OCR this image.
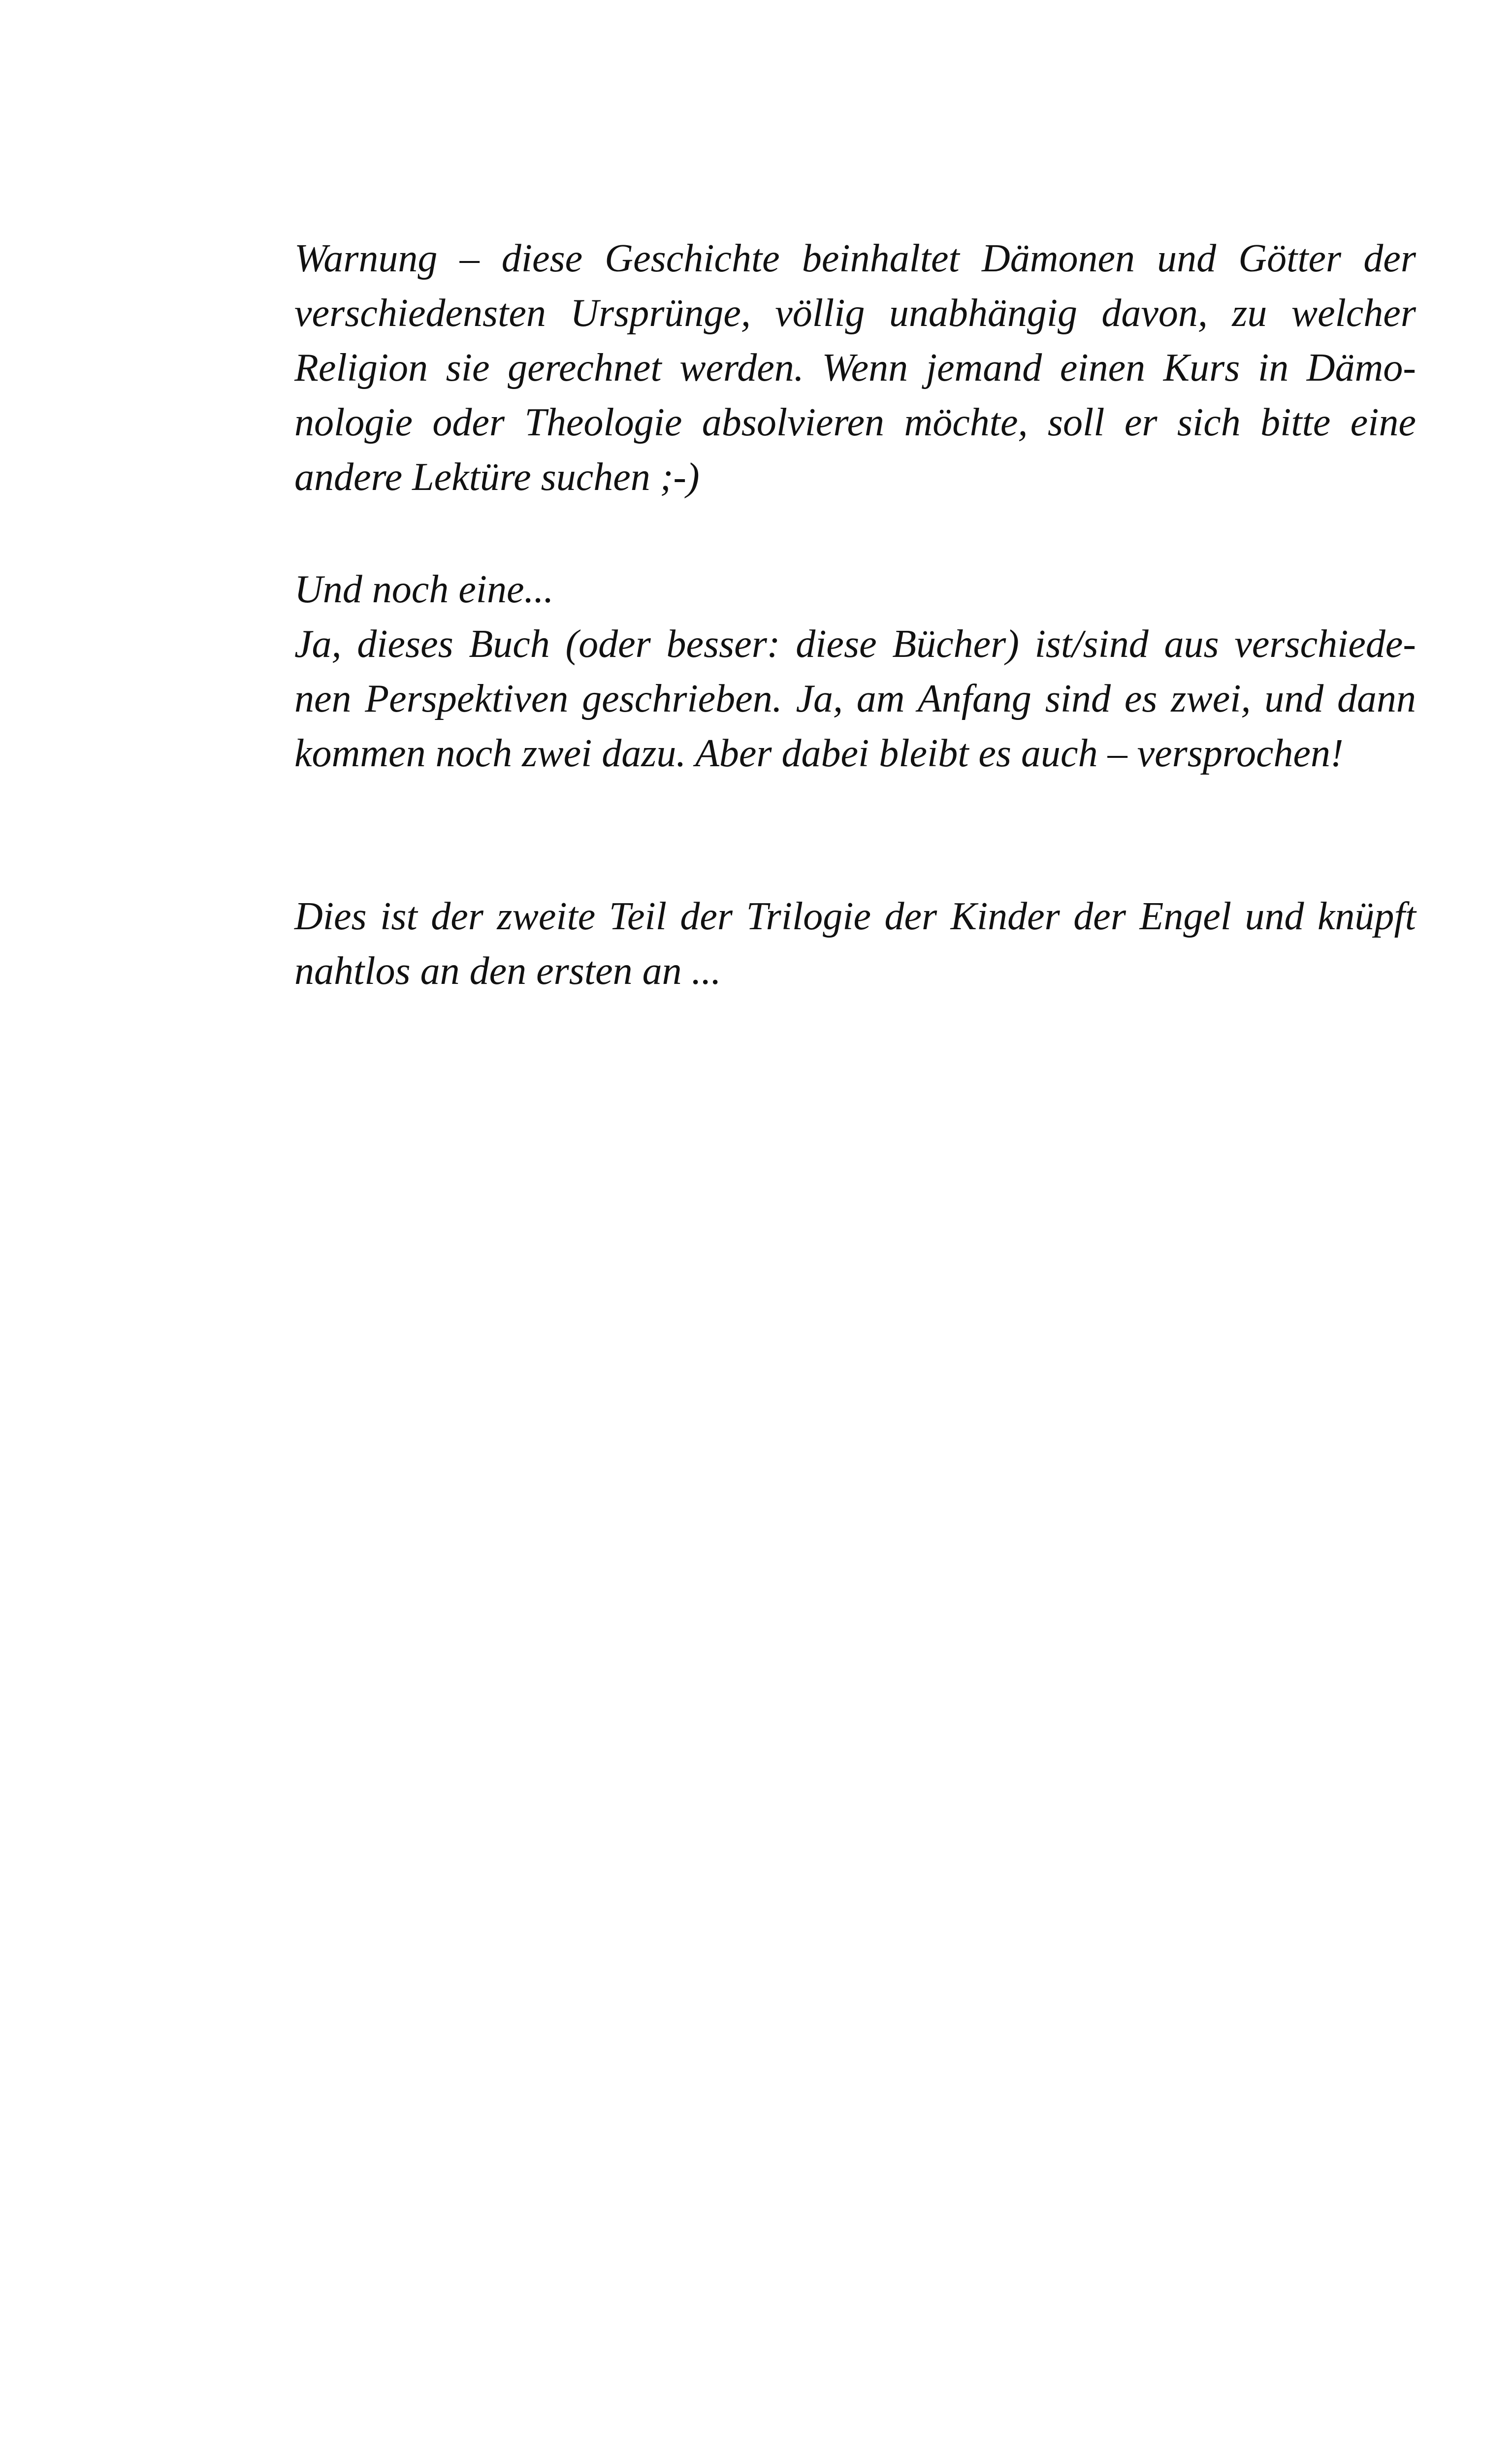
Warnung – diese Geschichte beinhaltet Dämonen und Götter der
verschiedensten Ursprünge, völlig unabhängig davon, zu welcher
Religion sie gerechnet werden. Wenn jemand einen Kurs in Dämo-
nologie oder Theologie absolvieren möchte, soll er sich bitte eine
andere Lektüre suchen ;-)
Und noch eine...
Ja, dieses Buch (oder besser: diese Bücher) ist/sind aus verschiede-
nen Perspektiven geschrieben. Ja, am Anfang sind es zwei, und dann
kommen noch zwei dazu. Aber dabei bleibt es auch – versprochen!
Dies ist der zweite Teil der Trilogie der Kinder der Engel und knüpft
nahtlos an den ersten an ...
